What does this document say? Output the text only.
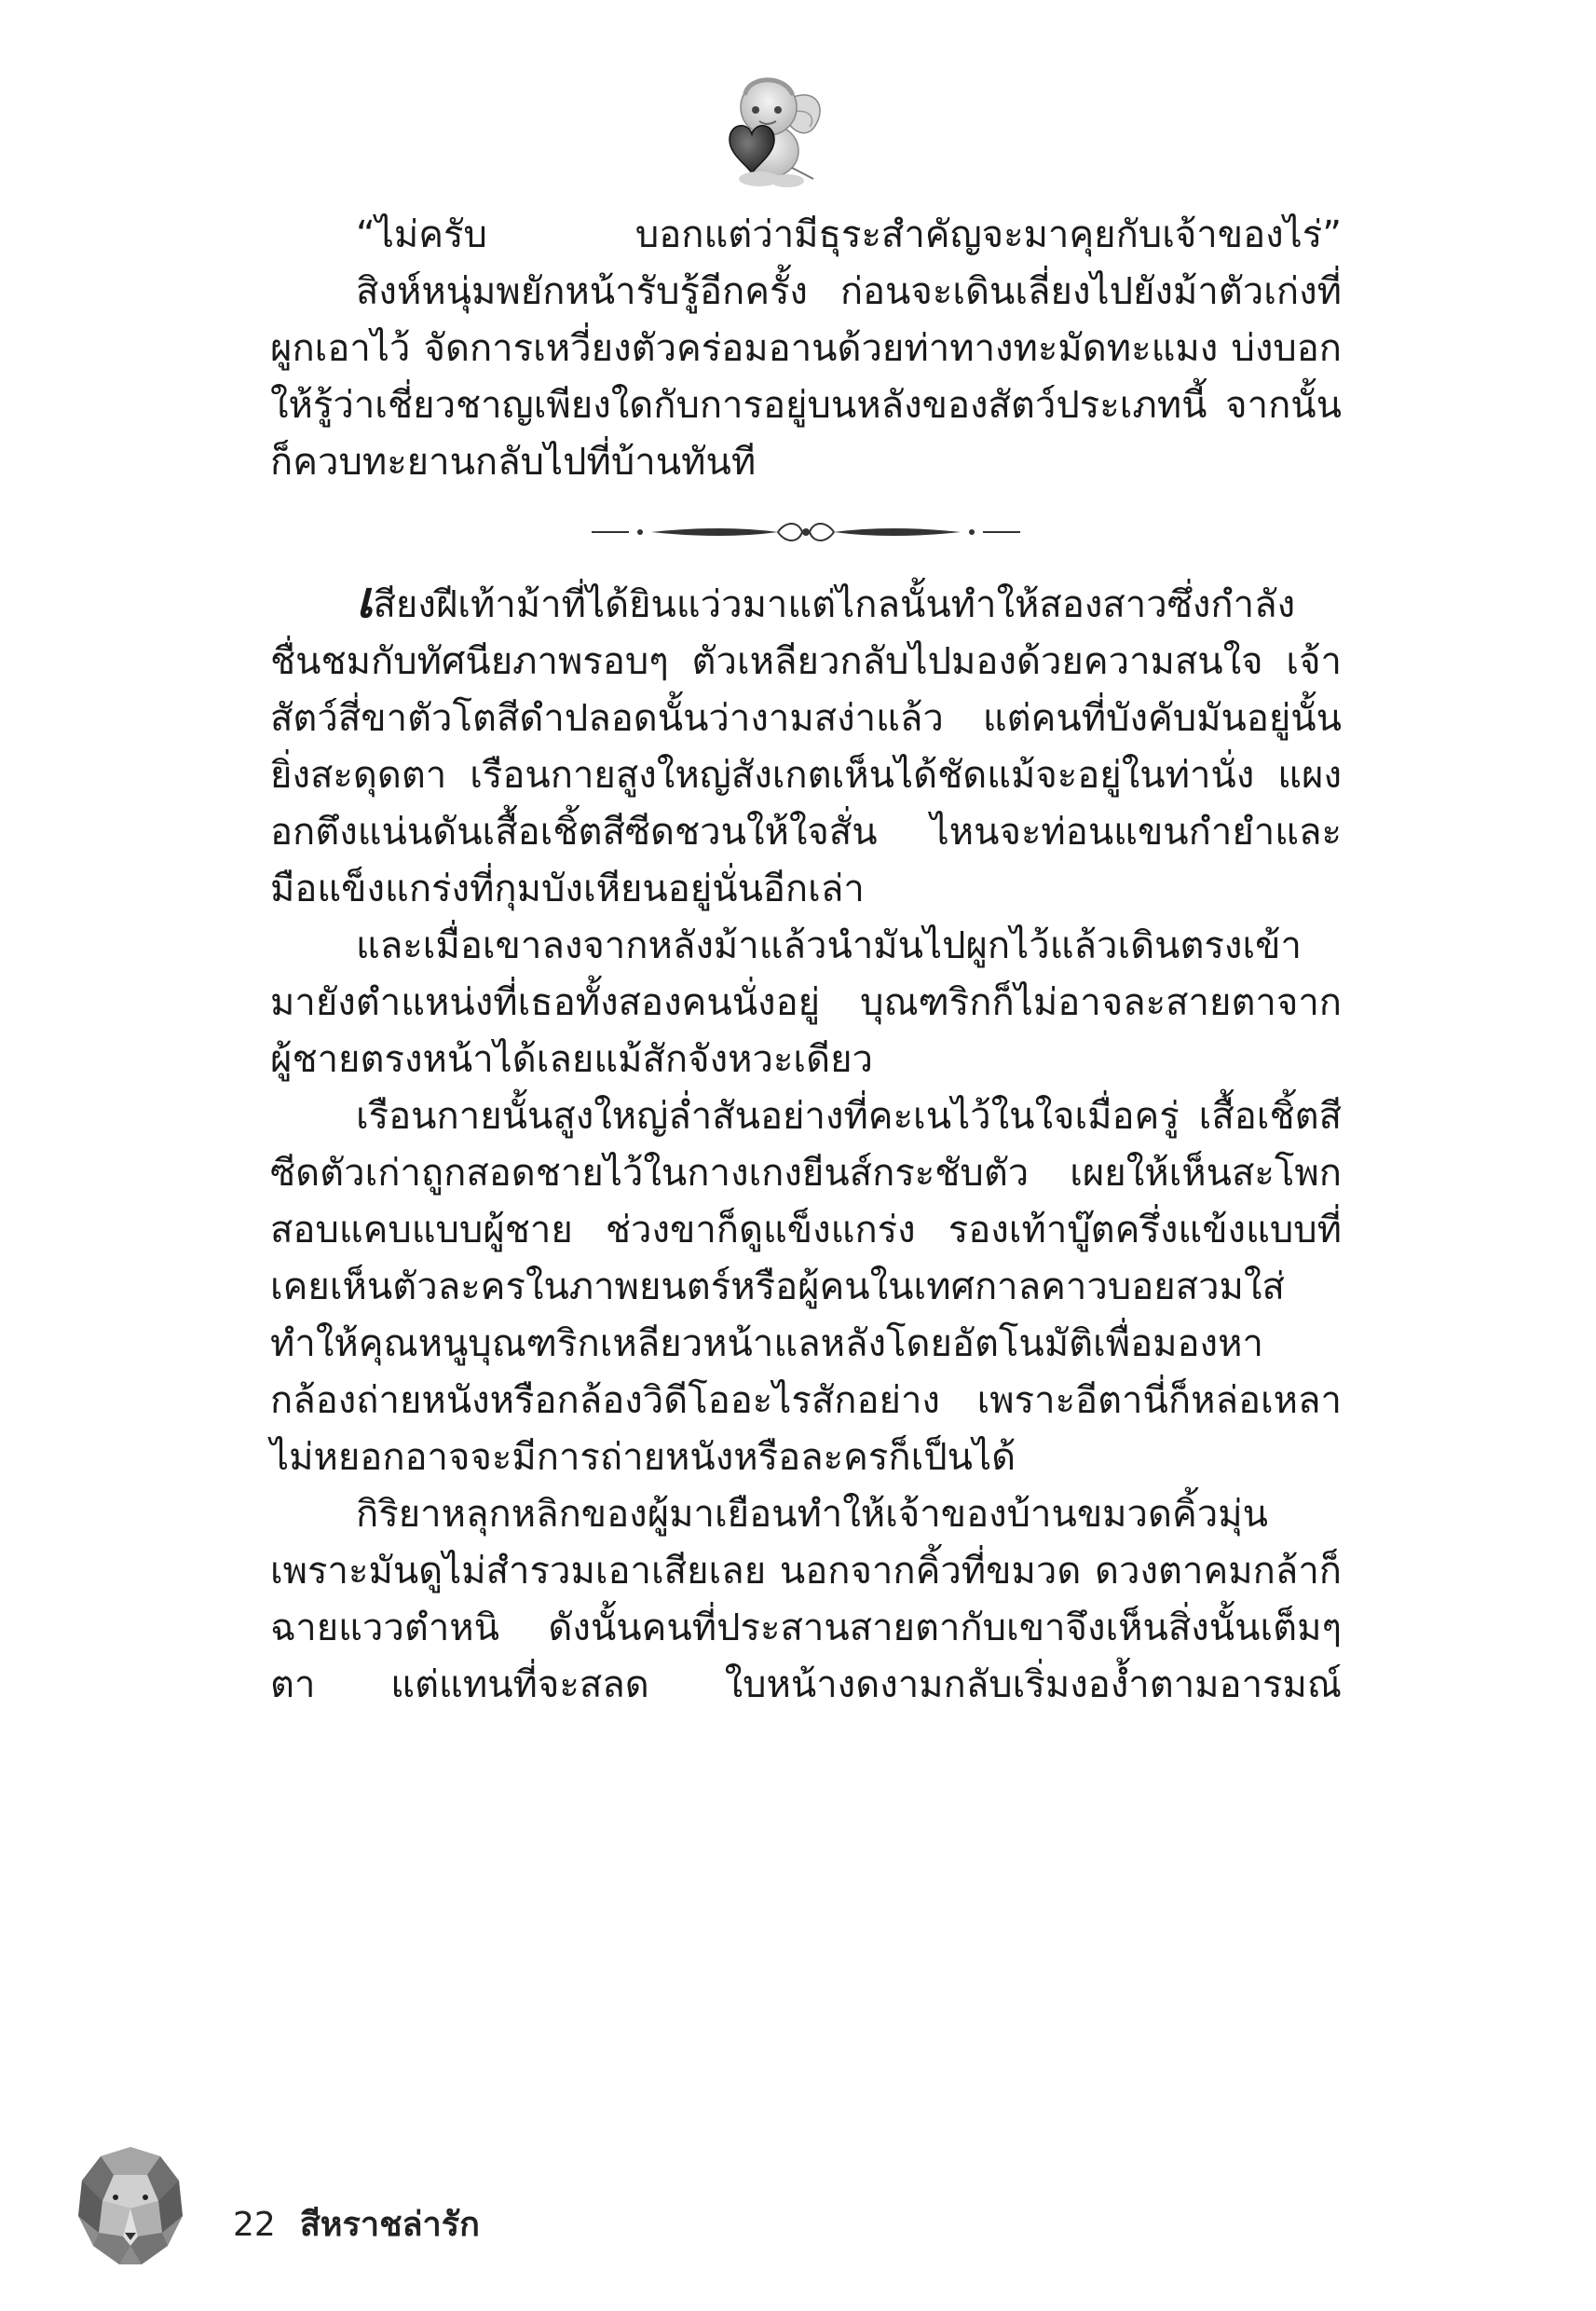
“ไม่ครับ บอกแต่ว่ามีธุระสำคัญจะมาคุยกับเจ้าของไร่”

สิงห์หนุ่มพยักหน้ารับรู้อีกครั้ง ก่อนจะเดินเลี่ยงไปยังม้าตัวเก่งที่ผูกเอาไว้ จัดการเหวี่ยงตัวคร่อมอานด้วยท่าทางทะมัดทะแมง บ่งบอกให้รู้ว่าเชี่ยวชาญเพียงใดกับการอยู่บนหลังของสัตว์ประเภทนี้ จากนั้นก็ควบทะยานกลับไปที่บ้านทันที

เสียงฝีเท้าม้าที่ได้ยินแว่วมาแต่ไกลนั้นทำให้สองสาวซึ่งกำลังชื่นชมกับทัศนียภาพรอบๆ ตัวเหลียวกลับไปมองด้วยความสนใจ เจ้าสัตว์สี่ขาตัวโตสีดำปลอดนั้นว่างามสง่าแล้ว แต่คนที่บังคับมันอยู่นั้นยิ่งสะดุดตา เรือนกายสูงใหญ่สังเกตเห็นได้ชัดแม้จะอยู่ในท่านั่ง แผงอกตึงแน่นดันเสื้อเชิ้ตสีซีดชวนให้ใจสั่น ไหนจะท่อนแขนกำยำและมือแข็งแกร่งที่กุมบังเหียนอยู่นั่นอีกเล่า

และเมื่อเขาลงจากหลังม้าแล้วนำมันไปผูกไว้แล้วเดินตรงเข้ามายังตำแหน่งที่เธอทั้งสองคนนั่งอยู่ บุณฑริกก็ไม่อาจละสายตาจากผู้ชายตรงหน้าได้เลยแม้สักจังหวะเดียว

เรือนกายนั้นสูงใหญ่ล่ำสันอย่างที่คะเนไว้ในใจเมื่อครู่ เสื้อเชิ้ตสีซีดตัวเก่าถูกสอดชายไว้ในกางเกงยีนส์กระชับตัว เผยให้เห็นสะโพกสอบแคบแบบผู้ชาย ช่วงขาก็ดูแข็งแกร่ง รองเท้าบู๊ตครึ่งแข้งแบบที่เคยเห็นตัวละครในภาพยนตร์หรือผู้คนในเทศกาลคาวบอยสวมใส่ทำให้คุณหนูบุณฑริกเหลียวหน้าแลหลังโดยอัตโนมัติเพื่อมองหากล้องถ่ายหนังหรือกล้องวิดีโออะไรสักอย่าง เพราะอีตานี่ก็หล่อเหลาไม่หยอกอาจจะมีการถ่ายหนังหรือละครก็เป็นได้

กิริยาหลุกหลิกของผู้มาเยือนทำให้เจ้าของบ้านขมวดคิ้วมุ่น เพราะมันดูไม่สำรวมเอาเสียเลย นอกจากคิ้วที่ขมวด ดวงตาคมกล้าก็ฉายแววตำหนิ ดังนั้นคนที่ประสานสายตากับเขาจึงเห็นสิ่งนั้นเต็มๆ ตา แต่แทนที่จะสลด ใบหน้างดงามกลับเริ่มงอง้ำตามอารมณ์

22 สีหราชล่ารัก
